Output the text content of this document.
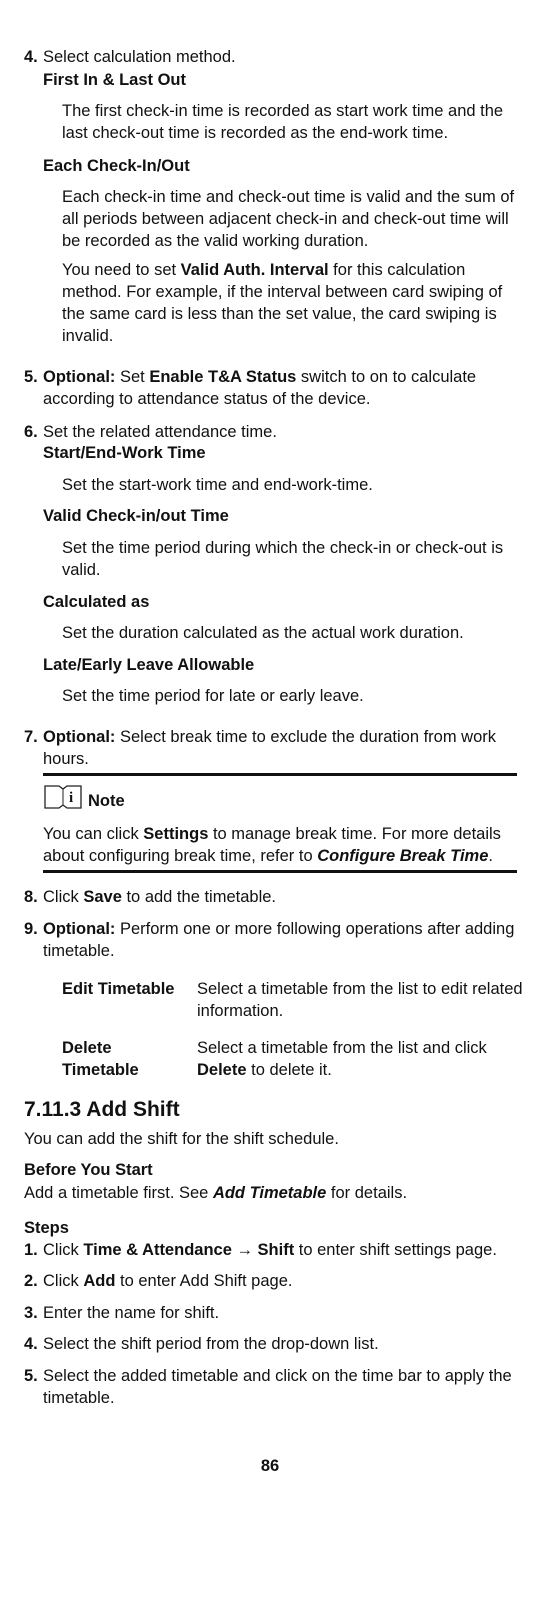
4. Select calculation method.
First In & Last Out
The first check-in time is recorded as start work time and the last check-out time is recorded as the end-work time.
Each Check-In/Out
Each check-in time and check-out time is valid and the sum of all periods between adjacent check-in and check-out time will be recorded as the valid working duration.
You need to set Valid Auth. Interval for this calculation method. For example, if the interval between card swiping of the same card is less than the set value, the card swiping is invalid.
5. Optional: Set Enable T&A Status switch to on to calculate according to attendance status of the device.
6. Set the related attendance time.
Start/End-Work Time
Set the start-work time and end-work-time.
Valid Check-in/out Time
Set the time period during which the check-in or check-out is valid.
Calculated as
Set the duration calculated as the actual work duration.
Late/Early Leave Allowable
Set the time period for late or early leave.
7. Optional: Select break time to exclude the duration from work hours.
i Note
You can click Settings to manage break time. For more details about configuring break time, refer to Configure Break Time.
8. Click Save to add the timetable.
9. Optional: Perform one or more following operations after adding timetable.
Edit Timetable	Select a timetable from the list to edit related information.
Delete Timetable
Select a timetable from the list and click Delete to delete it.
7.11.3 Add Shift
You can add the shift for the shift schedule.
Before You Start
Add a timetable first. See Add Timetable for details.
Steps
1. Click Time & Attendance → Shift to enter shift settings page.
2. Click Add to enter Add Shift page.
3. Enter the name for shift.
4. Select the shift period from the drop-down list.
5. Select the added timetable and click on the time bar to apply the timetable.
86
